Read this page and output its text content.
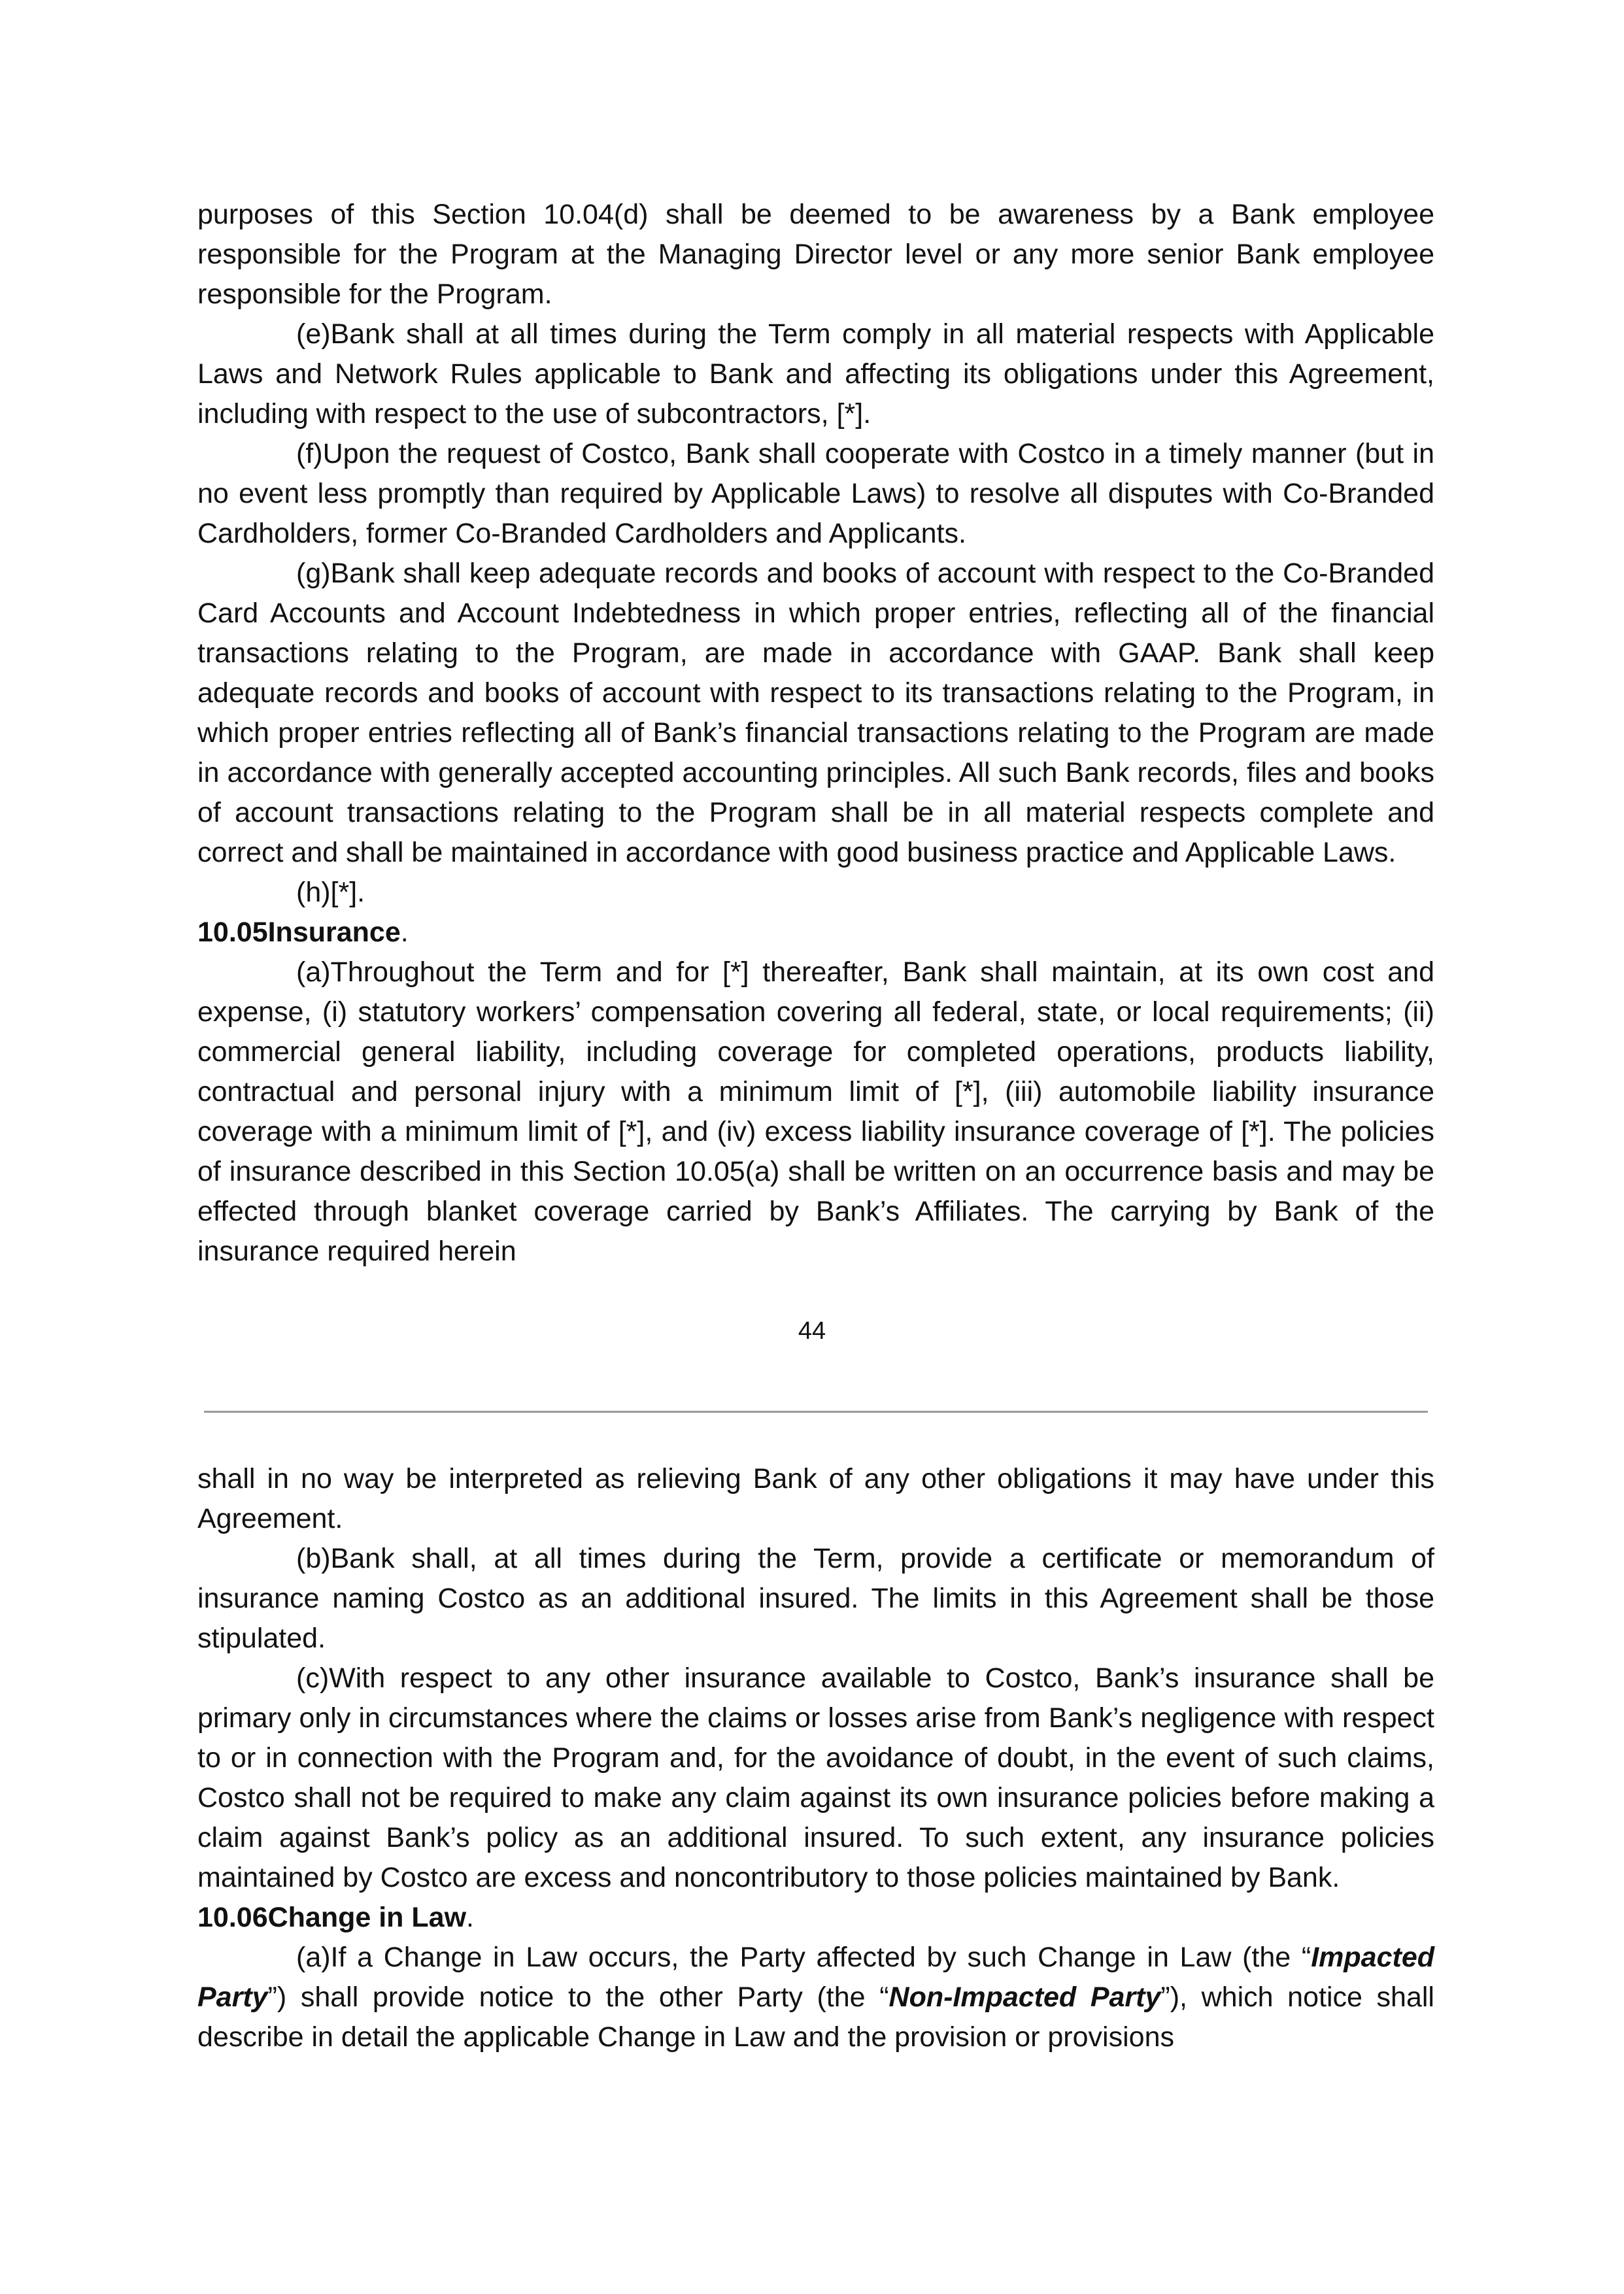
purposes of this Section 10.04(d) shall be deemed to be awareness by a Bank employee responsible for the Program at the Managing Director level or any more senior Bank employee responsible for the Program.

(e)Bank shall at all times during the Term comply in all material respects with Applicable Laws and Network Rules applicable to Bank and affecting its obligations under this Agreement, including with respect to the use of subcontractors, [*].

(f)Upon the request of Costco, Bank shall cooperate with Costco in a timely manner (but in no event less promptly than required by Applicable Laws) to resolve all disputes with Co-Branded Cardholders, former Co-Branded Cardholders and Applicants.

(g)Bank shall keep adequate records and books of account with respect to the Co-Branded Card Accounts and Account Indebtedness in which proper entries, reflecting all of the financial transactions relating to the Program, are made in accordance with GAAP. Bank shall keep adequate records and books of account with respect to its transactions relating to the Program, in which proper entries reflecting all of Bank’s financial transactions relating to the Program are made in accordance with generally accepted accounting principles. All such Bank records, files and books of account transactions relating to the Program shall be in all material respects complete and correct and shall be maintained in accordance with good business practice and Applicable Laws.

(h)[*].

10.05Insurance.

(a)Throughout the Term and for [*] thereafter, Bank shall maintain, at its own cost and expense, (i) statutory workers’ compensation covering all federal, state, or local requirements; (ii) commercial general liability, including coverage for completed operations, products liability, contractual and personal injury with a minimum limit of [*], (iii) automobile liability insurance coverage with a minimum limit of [*], and (iv) excess liability insurance coverage of [*]. The policies of insurance described in this Section 10.05(a) shall be written on an occurrence basis and may be effected through blanket coverage carried by Bank’s Affiliates. The carrying by Bank of the insurance required herein

44

shall in no way be interpreted as relieving Bank of any other obligations it may have under this Agreement.

(b)Bank shall, at all times during the Term, provide a certificate or memorandum of insurance naming Costco as an additional insured. The limits in this Agreement shall be those stipulated.

(c)With respect to any other insurance available to Costco, Bank’s insurance shall be primary only in circumstances where the claims or losses arise from Bank’s negligence with respect to or in connection with the Program and, for the avoidance of doubt, in the event of such claims, Costco shall not be required to make any claim against its own insurance policies before making a claim against Bank’s policy as an additional insured. To such extent, any insurance policies maintained by Costco are excess and noncontributory to those policies maintained by Bank.

10.06Change in Law.

(a)If a Change in Law occurs, the Party affected by such Change in Law (the “Impacted Party”) shall provide notice to the other Party (the “Non-Impacted Party”), which notice shall describe in detail the applicable Change in Law and the provision or provisions
